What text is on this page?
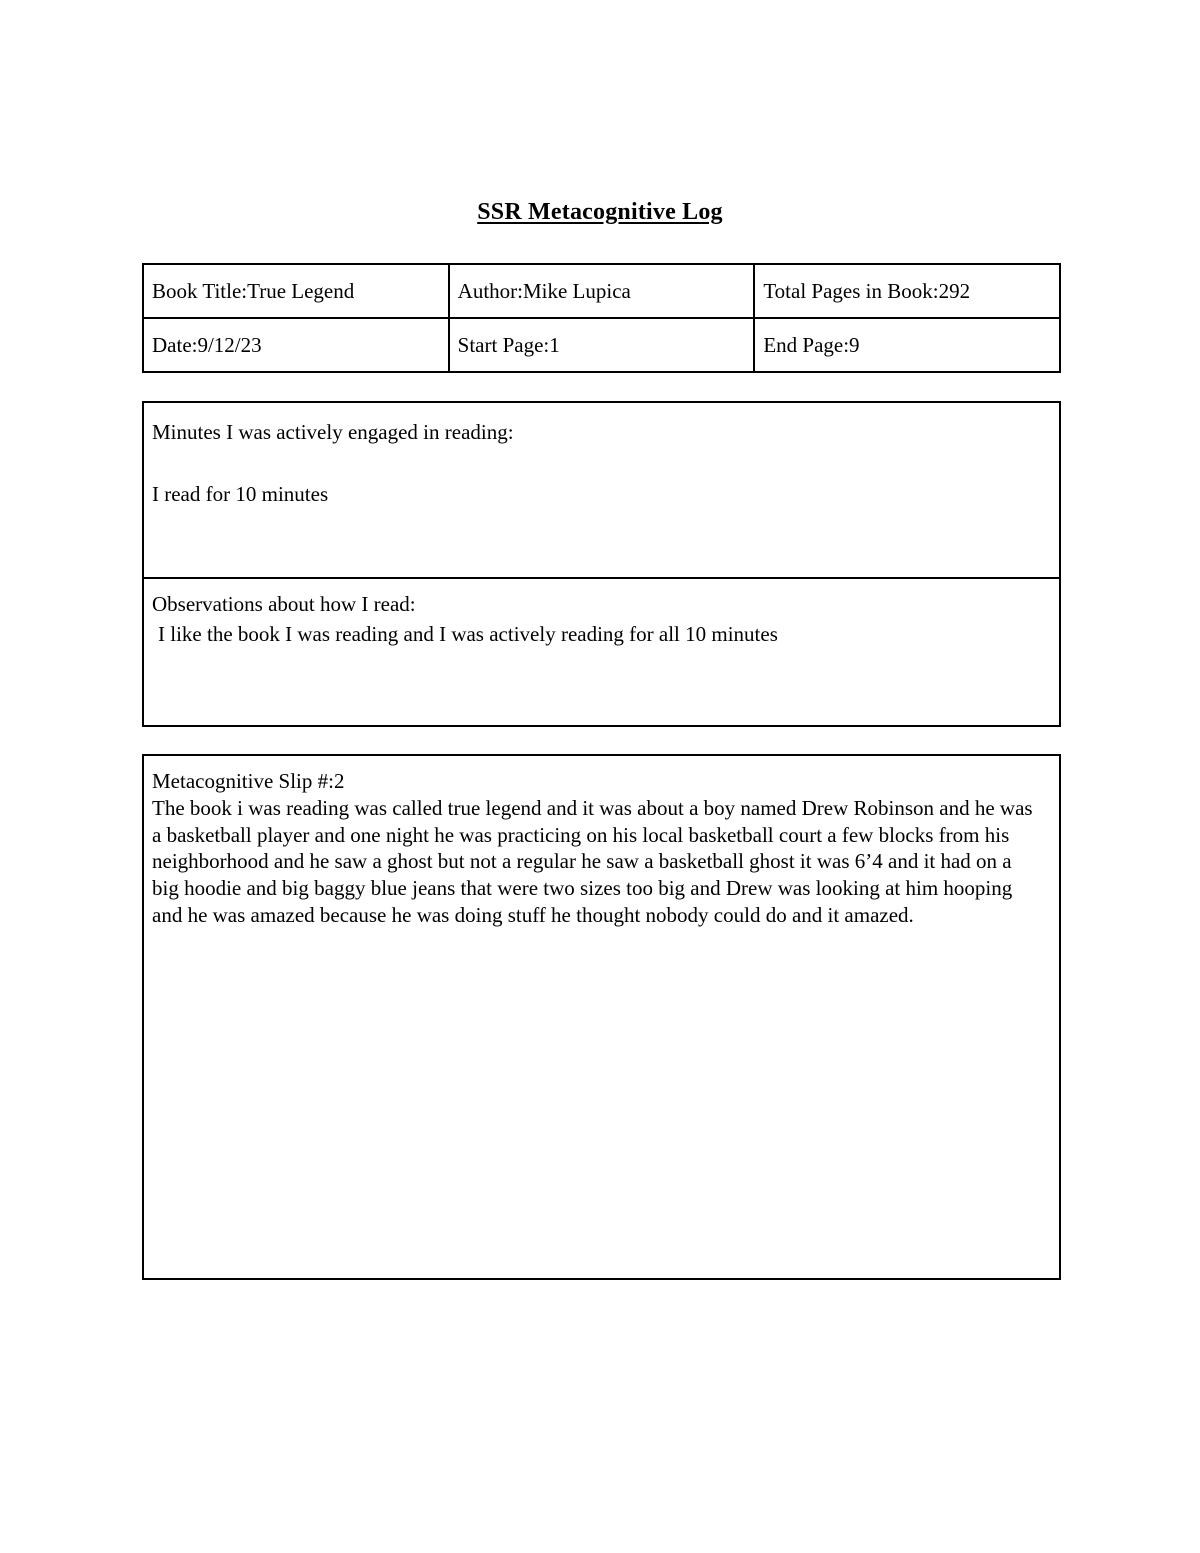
SSR Metacognitive Log
Book Title:True Legend	Author:Mike Lupica	Total Pages in Book:292
Date:9/12/23	Start Page:1	End Page:9
Minutes I was actively engaged in reading:
I read for 10 minutes
Observations about how I read:
I like the book I was reading and I was actively reading for all 10 minutes
Metacognitive Slip #:2
The book i was reading was called true legend and it was about a boy named Drew Robinson and he was a basketball player and one night he was practicing on his local basketball court a few blocks from his neighborhood and he saw a ghost but not a regular he saw a basketball ghost it was 6’4 and it had on a big hoodie and big baggy blue jeans that were two sizes too big and Drew was looking at him hooping and he was amazed because he was doing stuff he thought nobody could do and it amazed.
